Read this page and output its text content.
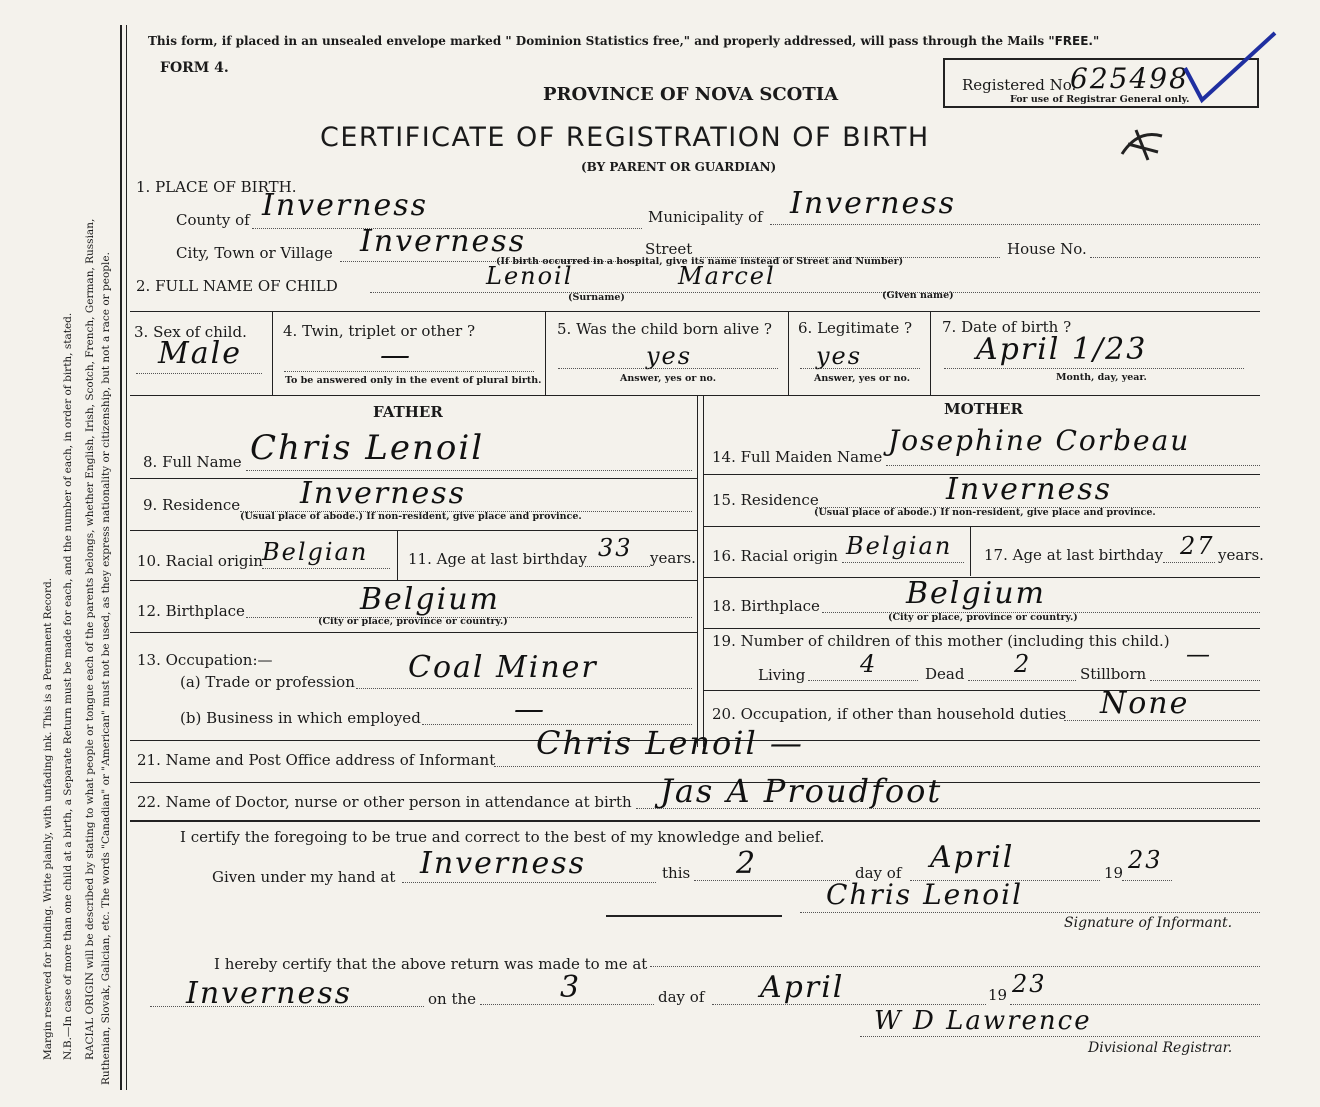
Margin reserved for binding. Write plainly, with unfading ink. This is a Permanent Record. N.B.—In case of more than one child at a birth, a Separate Return must be made for each, and the number of each, in order of birth, stated. RACIAL ORIGIN will be described by stating to what people or tongue each of the parents belongs, whether English, Irish, Scotch, French, German, Russian, Ruthenian, Slovak, Galician, etc. The words "Canadian" or "American" must not be used, as they express nationality or citizenship, but not a race or people.
This form, if placed in an unsealed envelope marked " Dominion Statistics free," and properly addressed, will pass through the Mails "FREE."
FORM 4.
PROVINCE OF NOVA SCOTIA
CERTIFICATE OF REGISTRATION OF BIRTH
(BY PARENT OR GUARDIAN)
Registered No.
625498
For use of Registrar General only.
1. PLACE OF BIRTH.
County of Inverness	Municipality of Inverness
City, Town or Village Inverness	Street	House No.
(If birth occurred in a hospital, give its name instead of Street and Number)
2. FULL NAME OF CHILD	Lenoil	Marcel
(Surname)	(Given name)
3. Sex of child.
Male
4. Twin, triplet or other ?
—
To be answered only in the event of plural birth.
5. Was the child born alive ?
yes
Answer, yes or no.
6. Legitimate ?
yes
Answer, yes or no.
7. Date of birth ?
April 1/23
Month, day, year.
FATHER	MOTHER
8. Full Name Chris Lenoil
9. Residence Inverness
(Usual place of abode.) If non-resident, give place and province.
10. Racial origin Belgian	11. Age at last birthday 33 years.
12. Birthplace	Belgium
(City or place, province or country.)
13. Occupation:—
(a) Trade or profession Coal Miner
(b) Business in which employed	—
14. Full Maiden Name Josephine Corbeau
15. Residence	Inverness
(Usual place of abode.) If non-resident, give place and province.
16. Racial origin Belgian 17. Age at last birthday 27 years.
18. Birthplace	Belgium
(City or place, province or country.)
19. Number of children of this mother (including this child.)
Living 4	Dead 2	Stillborn
—
20. Occupation, if other than household duties None
21. Name and Post Office address of Informant Chris Lenoil —
22. Name of Doctor, nurse or other person in attendance at birth Jas A Proudfoot
I certify the foregoing to be true and correct to the best of my knowledge and belief.
Given under my hand at Inverness	this 2	day of April	19 23
Chris Lenoil
Signature of Informant.
I hereby certify that the above return was made to me at
Inverness	on the	3	day of April	19 23
W D Lawrence
Divisional Registrar.
